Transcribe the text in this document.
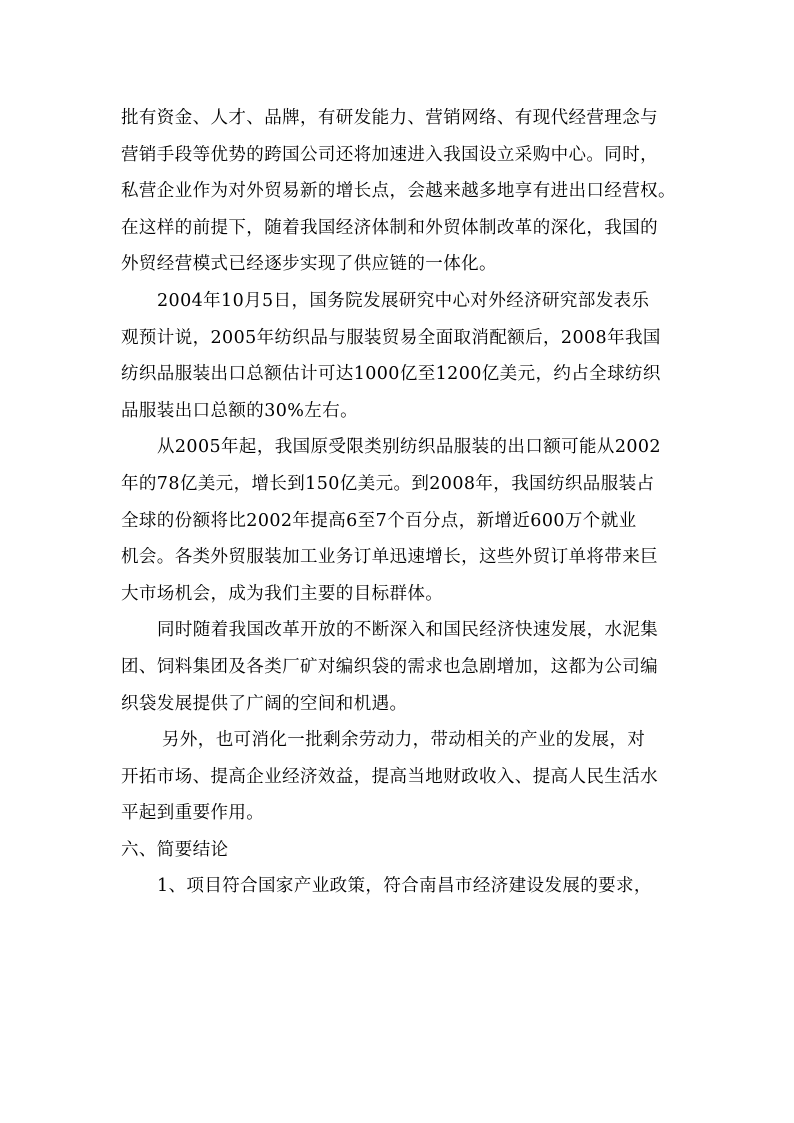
批有资金、人才、品牌，有研发能力、营销网络、有现代经营理念与
营销手段等优势的跨国公司还将加速进入我国设立采购中心。同时，
私营企业作为对外贸易新的增长点，会越来越多地享有进出口经营权。
在这样的前提下，随着我国经济体制和外贸体制改革的深化，我国的
外贸经营模式已经逐步实现了供应链的一体化。
2004年10月5日，国务院发展研究中心对外经济研究部发表乐
观预计说，2005年纺织品与服装贸易全面取消配额后，2008年我国
纺织品服装出口总额估计可达1000亿至1200亿美元，约占全球纺织
品服装出口总额的30%左右。
从2005年起，我国原受限类别纺织品服装的出口额可能从2002
年的78亿美元，增长到150亿美元。到2008年，我国纺织品服装占
全球的份额将比2002年提高6至7个百分点，新增近600万个就业
机会。各类外贸服装加工业务订单迅速增长，这些外贸订单将带来巨
大市场机会，成为我们主要的目标群体。
同时随着我国改革开放的不断深入和国民经济快速发展，水泥集
团、饲料集团及各类厂矿对编织袋的需求也急剧增加，这都为公司编
织袋发展提供了广阔的空间和机遇。
另外，也可消化一批剩余劳动力，带动相关的产业的发展，对
开拓市场、提高企业经济效益，提高当地财政收入、提高人民生活水
平起到重要作用。
六、简要结论
1、项目符合国家产业政策，符合南昌市经济建设发展的要求，
